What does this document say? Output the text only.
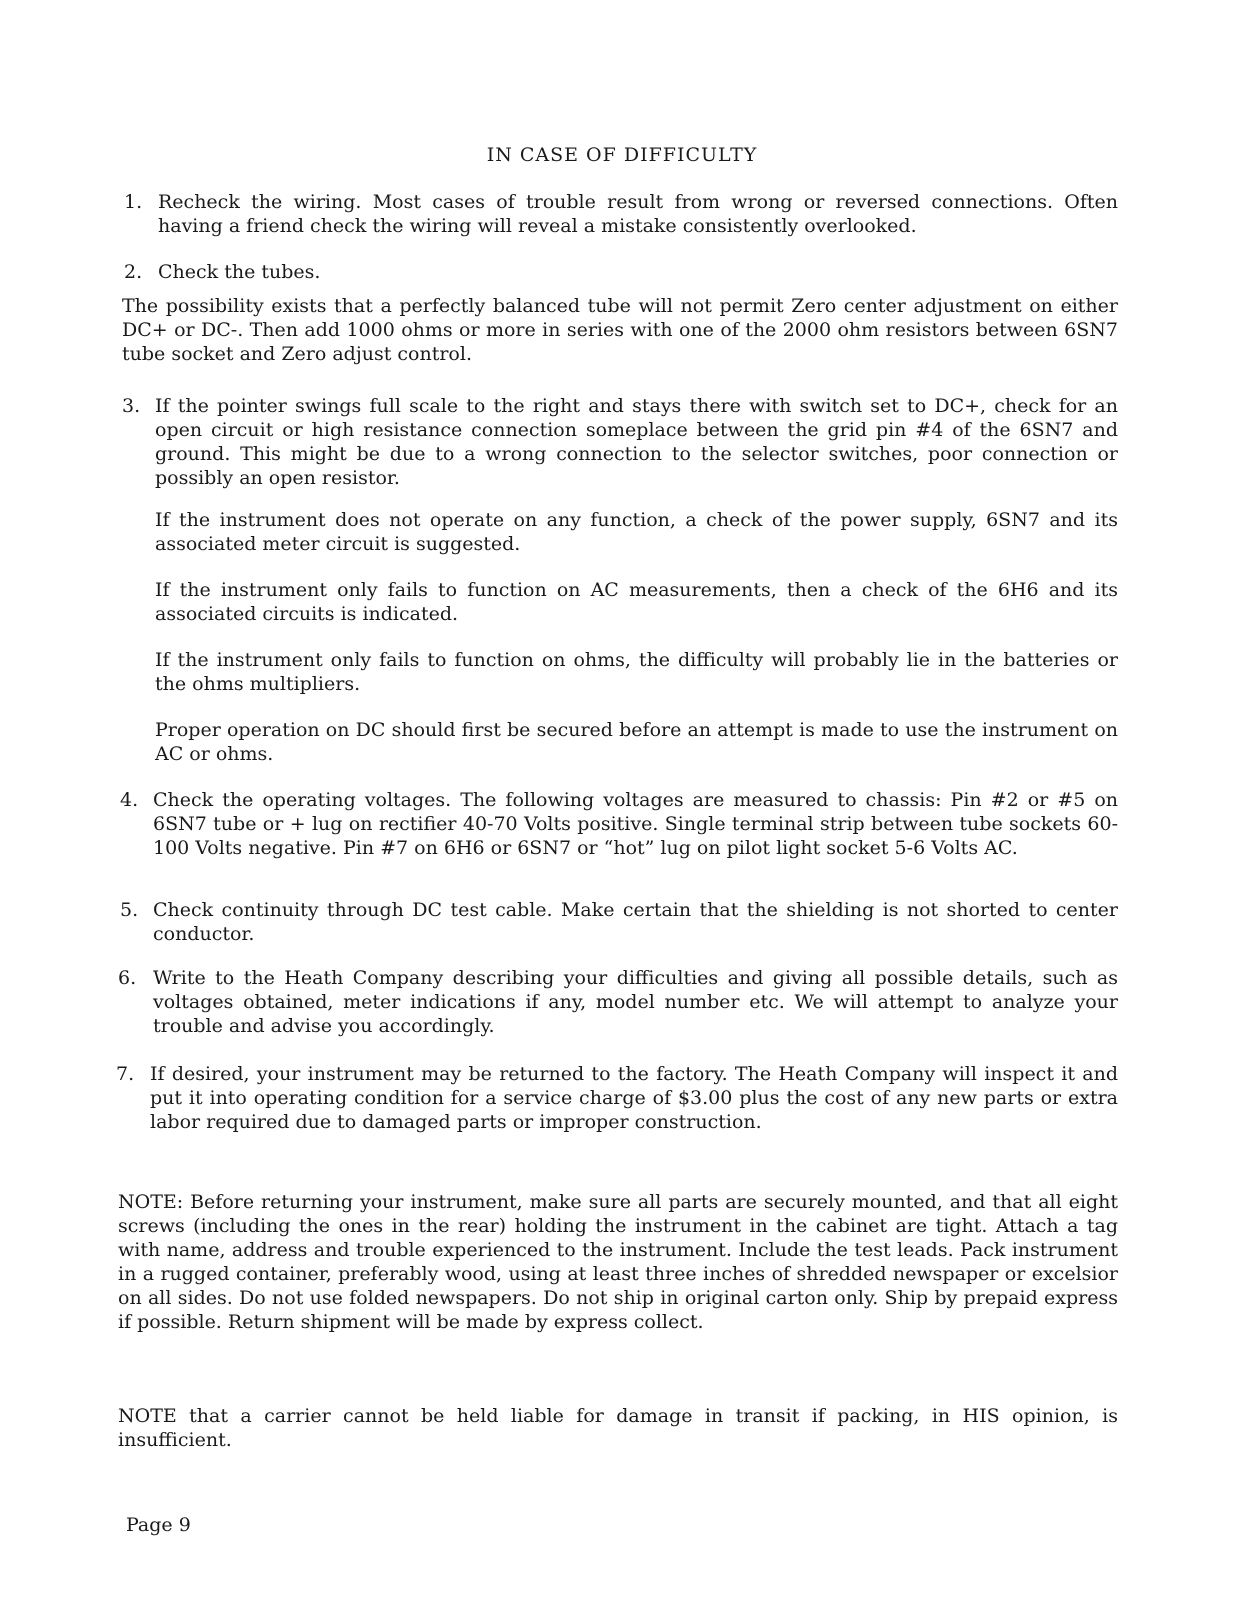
IN CASE OF DIFFICULTY
1. Recheck the wiring. Most cases of trouble result from wrong or reversed connections. Often having a friend check the wiring will reveal a mistake consistently overlooked.
2. Check the tubes.
The possibility exists that a perfectly balanced tube will not permit Zero center adjustment on either DC+ or DC-. Then add 1000 ohms or more in series with one of the 2000 ohm resistors between 6SN7 tube socket and Zero adjust control.
3. If the pointer swings full scale to the right and stays there with switch set to DC+, check for an open circuit or high resistance connection someplace between the grid pin #4 of the 6SN7 and ground. This might be due to a wrong connection to the selector switches, poor connection or possibly an open resistor.
If the instrument does not operate on any function, a check of the power supply, 6SN7 and its associated meter circuit is suggested.
If the instrument only fails to function on AC measurements, then a check of the 6H6 and its associated circuits is indicated.
If the instrument only fails to function on ohms, the difficulty will probably lie in the batteries or the ohms multipliers.
Proper operation on DC should first be secured before an attempt is made to use the instrument on AC or ohms.
4. Check the operating voltages. The following voltages are measured to chassis: Pin #2 or #5 on 6SN7 tube or + lug on rectifier 40-70 Volts positive. Single terminal strip between tube sockets 60-100 Volts negative. Pin #7 on 6H6 or 6SN7 or “hot” lug on pilot light socket 5-6 Volts AC.
5. Check continuity through DC test cable. Make certain that the shielding is not shorted to center conductor.
6. Write to the Heath Company describing your difficulties and giving all possible details, such as voltages obtained, meter indications if any, model number etc. We will attempt to analyze your trouble and advise you accordingly.
7. If desired, your instrument may be returned to the factory. The Heath Company will inspect it and put it into operating condition for a service charge of $3.00 plus the cost of any new parts or extra labor required due to damaged parts or improper construction.
NOTE: Before returning your instrument, make sure all parts are securely mounted, and that all eight screws (including the ones in the rear) holding the instrument in the cabinet are tight. Attach a tag with name, address and trouble experienced to the instrument. Include the test leads. Pack instrument in a rugged container, preferably wood, using at least three inches of shredded newspaper or excelsior on all sides. Do not use folded newspapers. Do not ship in original carton only. Ship by prepaid express if possible. Return shipment will be made by express collect.
NOTE that a carrier cannot be held liable for damage in transit if packing, in HIS opinion, is insufficient.
Page 9
